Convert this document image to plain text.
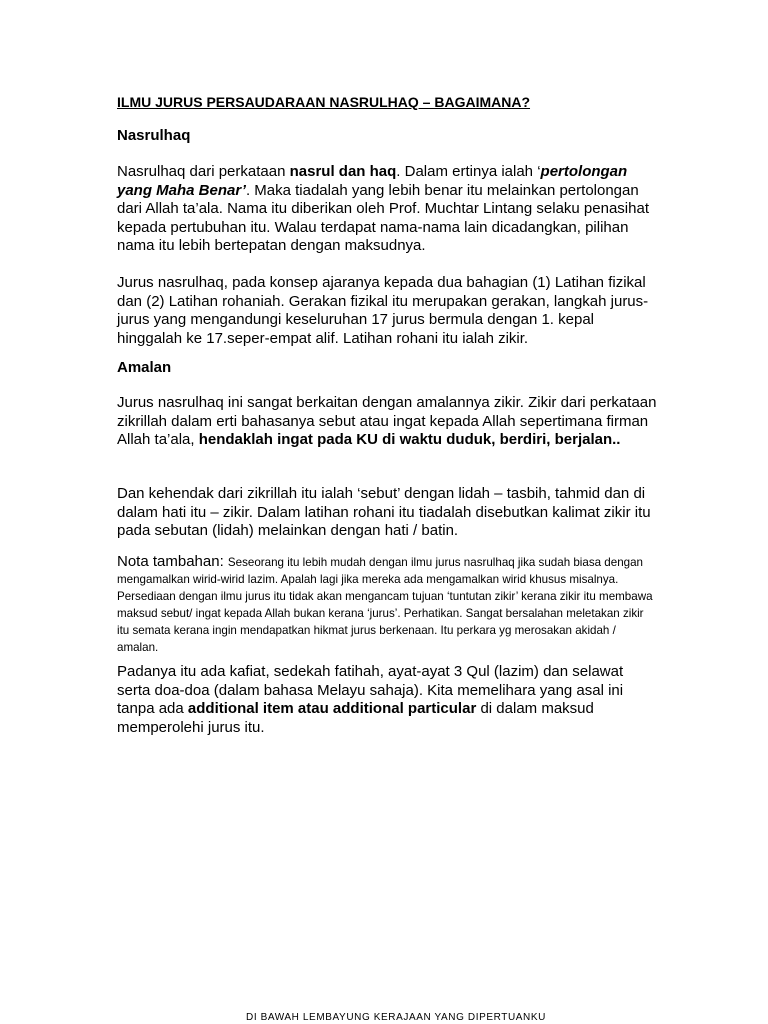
ILMU JURUS PERSAUDARAAN NASRULHAQ – BAGAIMANA?
Nasrulhaq

Nasrulhaq dari perkataan nasrul dan haq. Dalam ertinya ialah ‘pertolongan yang Maha Benar’. Maka tiadalah yang lebih benar itu melainkan pertolongan dari Allah ta’ala. Nama itu diberikan oleh Prof. Muchtar Lintang selaku penasihat kepada pertubuhan itu. Walau terdapat nama-nama lain dicadangkan, pilihan nama itu lebih bertepatan dengan maksudnya.

Jurus nasrulhaq, pada konsep ajaranya kepada dua bahagian (1) Latihan fizikal dan (2) Latihan rohaniah. Gerakan fizikal itu merupakan gerakan, langkah jurus-jurus yang mengandungi keseluruhan 17 jurus bermula dengan 1. kepal hinggalah ke 17.seper-empat alif. Latihan rohani itu ialah zikir.

Amalan

Jurus nasrulhaq ini sangat berkaitan dengan amalannya zikir. Zikir dari perkataan zikrillah dalam erti bahasanya sebut atau ingat kepada Allah sepertimana firman Allah ta’ala, hendaklah ingat pada KU di waktu duduk, berdiri, berjalan..

Dan kehendak dari zikrillah itu ialah ‘sebut’ dengan lidah – tasbih, tahmid dan di dalam hati itu – zikir. Dalam latihan rohani itu tiadalah disebutkan kalimat zikir itu pada sebutan (lidah) melainkan dengan hati / batin.

Nota tambahan: Seseorang itu lebih mudah dengan ilmu jurus nasrulhaq jika sudah biasa dengan mengamalkan wirid-wirid lazim. Apalah lagi jika mereka ada mengamalkan wirid khusus misalnya. Persediaan dengan ilmu jurus itu tidak akan mengancam tujuan ‘tuntutan zikir’ kerana zikir itu membawa maksud sebut/ ingat kepada Allah bukan kerana ‘jurus’. Perhatikan. Sangat bersalahan meletakan zikir itu semata kerana ingin mendapatkan hikmat jurus berkenaan. Itu perkara yg merosakan akidah / amalan.

Padanya itu ada kafiat, sedekah fatihah, ayat-ayat 3 Qul (lazim) dan selawat serta doa-doa (dalam bahasa Melayu sahaja). Kita memelihara yang asal ini tanpa ada additional item atau additional particular di dalam maksud memperolehi jurus itu.

DI BAWAH LEMBAYUNG KERAJAAN YANG DIPERTUANKU
